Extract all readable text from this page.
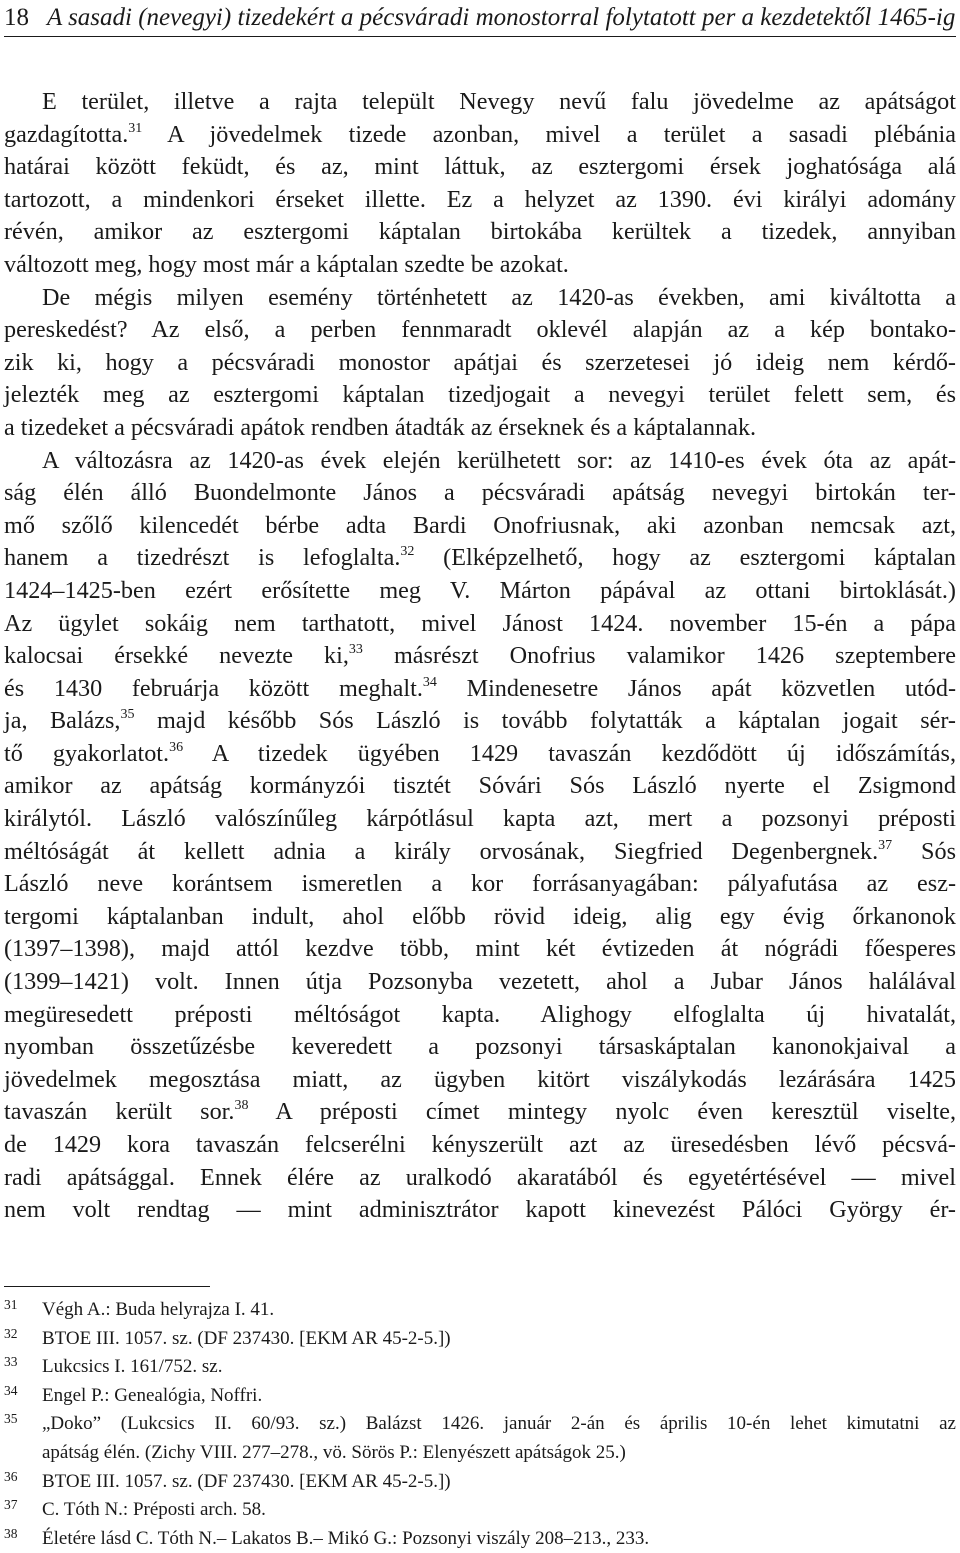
18 A sasadi (nevegyi) tizedekért a pécsváradi monostorral folytatott per a kezdetektől 1465-ig
E terület, illetve a rajta települt Nevegy nevű falu jövedelme az apátságot
gazdagította.$^{31}$ A jövedelmek tizede azonban, mivel a terület a sasadi plébánia
határai között feküdt, és az, mint láttuk, az esztergomi érsek joghatósága alá
tartozott, a mindenkori érseket illette. Ez a helyzet az 1390. évi királyi adomány
révén, amikor az esztergomi káptalan birtokába kerültek a tizedek, annyiban
változott meg, hogy most már a káptalan szedte be azokat.
De mégis milyen esemény történhetett az 1420-as években, ami kiváltotta a
pereskedést? Az első, a perben fennmaradt oklevél alapján az a kép bontako-
zik ki, hogy a pécsváradi monostor apátjai és szerzetesei jó ideig nem kérdő-
jelezték meg az esztergomi káptalan tizedjogait a nevegyi terület felett sem, és
a tizedeket a pécsváradi apátok rendben átadták az érseknek és a káptalannak.
A változásra az 1420-as évek elején kerülhetett sor: az 1410-es évek óta az apát-
ság élén álló Buondelmonte János a pécsváradi apátság nevegyi birtokán ter-
mő szőlő kilencedét bérbe adta Bardi Onofriusnak, aki azonban nemcsak azt,
hanem a tizedrészt is lefoglalta.$^{32}$ (Elképzelhető, hogy az esztergomi káptalan
1424–1425-ben ezért erősítette meg V. Márton pápával az ottani birtoklását.)
Az ügylet sokáig nem tarthatott, mivel Jánost 1424. november 15-én a pápa
kalocsai érsekké nevezte ki,$^{33}$ másrészt Onofrius valamikor 1426 szeptembere
és 1430 februárja között meghalt.$^{34}$ Mindenesetre János apát közvetlen utód-
ja, Balázs,$^{35}$ majd később Sós László is tovább folytatták a káptalan jogait sér-
tő gyakorlatot.$^{36}$ A tizedek ügyében 1429 tavaszán kezdődött új időszámítás,
amikor az apátság kormányzói tisztét Sóvári Sós László nyerte el Zsigmond
királytól. László valószínűleg kárpótlásul kapta azt, mert a pozsonyi préposti
méltóságát át kellett adnia a király orvosának, Siegfried Degenbergnek.$^{37}$ Sós
László neve korántsem ismeretlen a kor forrásanyagában: pályafutása az esz-
tergomi káptalanban indult, ahol előbb rövid ideig, alig egy évig őrkanonok
(1397–1398), majd attól kezdve több, mint két évtizeden át nógrádi főesperes
(1399–1421) volt. Innen útja Pozsonyba vezetett, ahol a Jubar János halálával
megüresedett préposti méltóságot kapta. Alighogy elfoglalta új hivatalát,
nyomban összetűzésbe keveredett a pozsonyi társaskáptalan kanonokjaival a
jövedelmek megosztása miatt, az ügyben kitört viszálykodás lezárására 1425
tavaszán került sor.$^{38}$ A préposti címet mintegy nyolc éven keresztül viselte,
de 1429 kora tavaszán felcserélni kényszerült azt az üresedésben lévő pécsvá-
radi apátsággal. Ennek élére az uralkodó akaratából és egyetértésével — mivel
nem volt rendtag — mint adminisztrátor kapott kinevezést Pálóci György ér-
31 Végh A.: Buda helyrajza I. 41.
32 BTOE III. 1057. sz. (DF 237430. [EKM AR 45-2-5.])
33 Lukcsics I. 161/752. sz.
34 Engel P.: Genealógia, Noffri.
35 „Doko” (Lukcsics II. 60/93. sz.) Balázst 1426. január 2-án és április 10-én lehet kimutatni az
apátság élén. (Zichy VIII. 277–278., vö. Sörös P.: Elenyészett apátságok 25.)
36 BTOE III. 1057. sz. (DF 237430. [EKM AR 45-2-5.])
37 C. Tóth N.: Préposti arch. 58.
38 Életére lásd C. Tóth N.– Lakatos B.– Mikó G.: Pozsonyi viszály 208–213., 233.
